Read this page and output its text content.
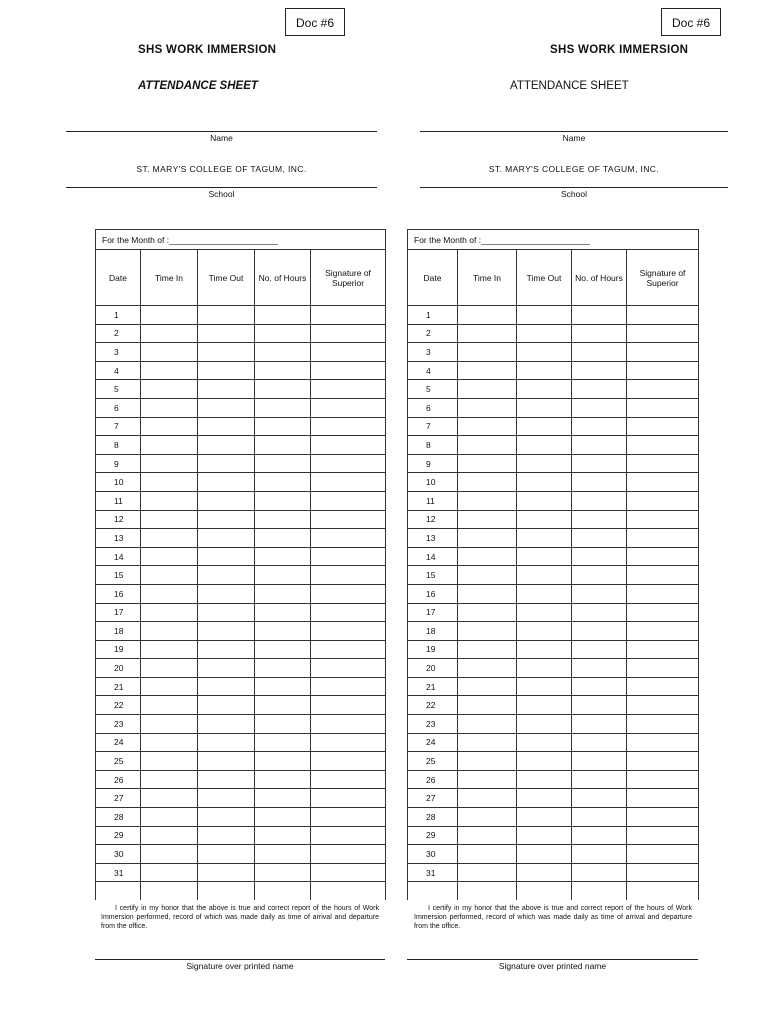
Doc #6
SHS WORK IMMERSION
ATTENDANCE SHEET
Name
ST. MARY'S COLLEGE OF TAGUM, INC.
School
For the Month of :_______________________				
Date	Time In	Time Out	No. of Hours	Signature of Superior
1				
2				
3				
4				
5				
6				
7				
8				
9				
10				
11				
12				
13				
14				
15				
16				
17				
18				
19				
20				
21				
22				
23				
24				
25				
26				
27				
28				
29				
30				
31				

I certify in my honor that the above is true and correct report of the hours of Work Immersion performed, record of which was made daily as time of arrival and departure from the office.
Signature over printed name
Doc #6
SHS WORK IMMERSION
ATTENDANCE SHEET
Name
ST. MARY'S COLLEGE OF TAGUM, INC.
School
For the Month of :_______________________				
Date	Time In	Time Out	No. of Hours	Signature of Superior
1				
2				
3				
4				
5				
6				
7				
8				
9				
10				
11				
12				
13				
14				
15				
16				
17				
18				
19				
20				
21				
22				
23				
24				
25				
26				
27				
28				
29				
30				
31				

I certify in my honor that the above is true and correct report of the hours of Work Immersion performed, record of which was made daily as time of arrival and departure from the office.
Signature over printed name
